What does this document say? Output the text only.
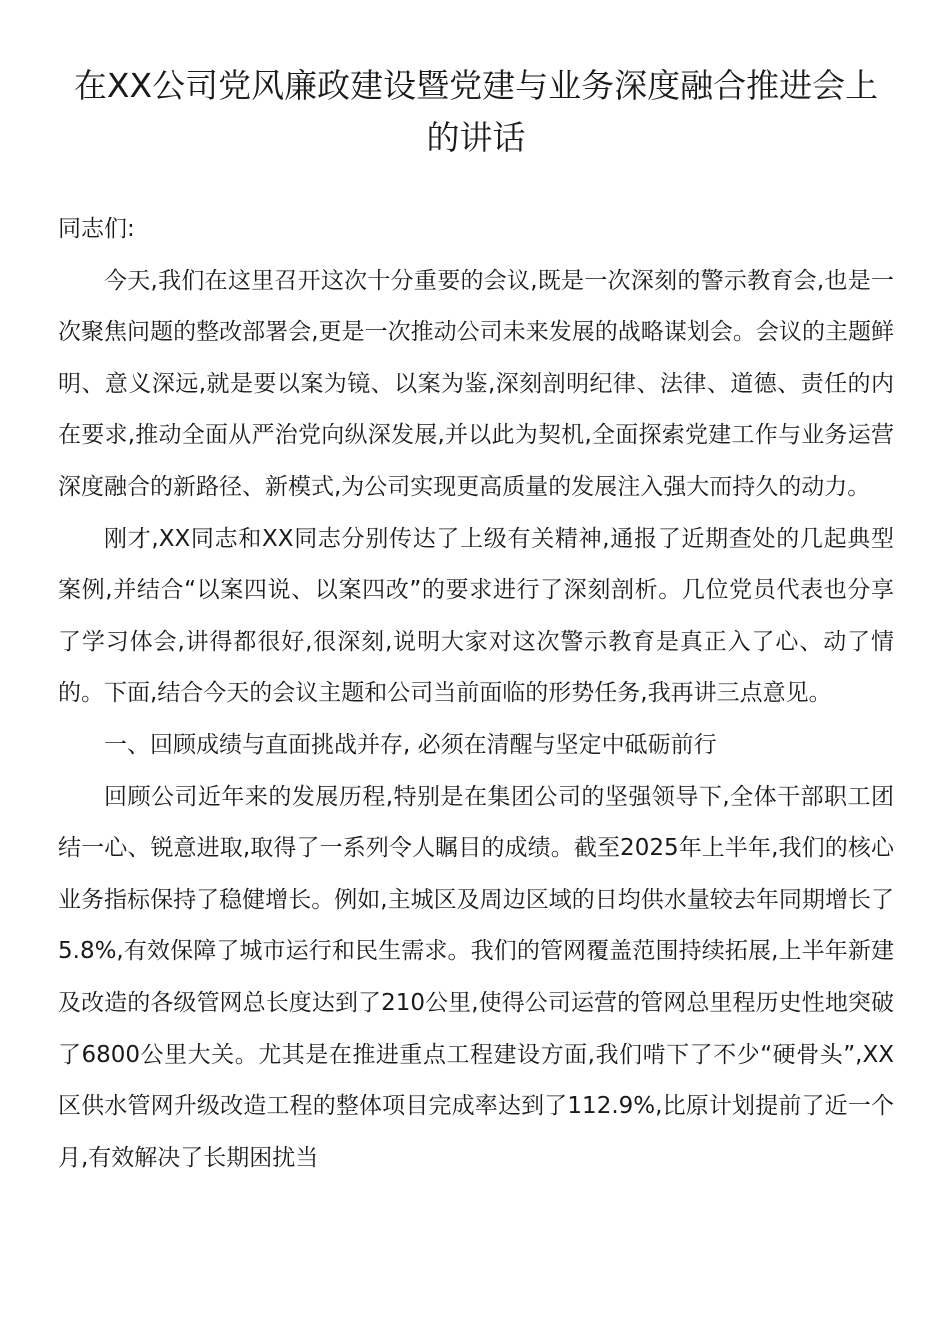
在XX公司党风廉政建设暨党建与业务深度融合推进会上的讲话

同志们:

今天,我们在这里召开这次十分重要的会议,既是一次深刻的警示教育会,也是一次聚焦问题的整改部署会,更是一次推动公司未来发展的战略谋划会。会议的主题鲜明、意义深远,就是要以案为镜、以案为鉴,深刻剖明纪律、法律、道德、责任的内在要求,推动全面从严治党向纵深发展,并以此为契机,全面探索党建工作与业务运营深度融合的新路径、新模式,为公司实现更高质量的发展注入强大而持久的动力。

刚才,XX同志和XX同志分别传达了上级有关精神,通报了近期查处的几起典型案例,并结合“以案四说、以案四改”的要求进行了深刻剖析。几位党员代表也分享了学习体会,讲得都很好,很深刻,说明大家对这次警示教育是真正入了心、动了情的。下面,结合今天的会议主题和公司当前面临的形势任务,我再讲三点意见。

一、回顾成绩与直面挑战并存, 必须在清醒与坚定中砥砺前行

回顾公司近年来的发展历程,特别是在集团公司的坚强领导下,全体干部职工团结一心、锐意进取,取得了一系列令人瞩目的成绩。截至2025年上半年,我们的核心业务指标保持了稳健增长。例如,主城区及周边区域的日均供水量较去年同期增长了5.8%,有效保障了城市运行和民生需求。我们的管网覆盖范围持续拓展,上半年新建及改造的各级管网总长度达到了210公里,使得公司运营的管网总里程历史性地突破了6800公里大关。尤其是在推进重点工程建设方面,我们啃下了不少“硬骨头”,XX区供水管网升级改造工程的整体项目完成率达到了112.9%,比原计划提前了近一个月,有效解决了长期困扰当
